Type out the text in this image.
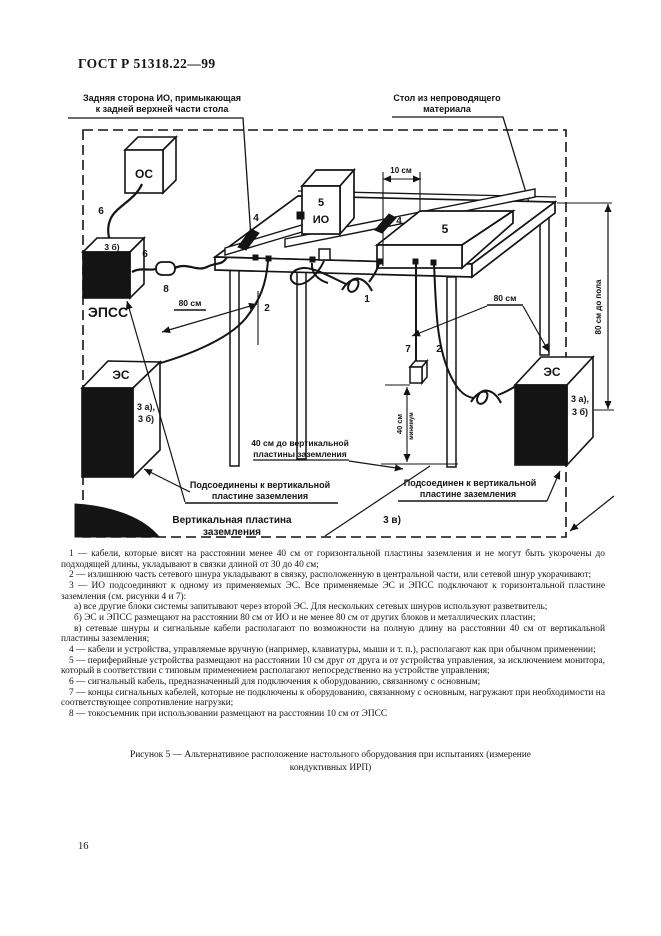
ГОСТ Р 51318.22—99
5
ИО
5
10 см
40 см минимум
80 см	80 см	80 см до пола
ОС
3 б)
ЭПСС
ЭС
3 а),
3 б)
ЭС
3 а),
3 б)
40 см до вертикальной
пластины заземления
Подсоединены к вертикальной
пластине заземления
Подсоединен к вертикальной
пластине заземления
Вертикальная пластина
заземления
Задняя сторона ИО, примыкающая
к задней верхней части стола
Стол из непроводящего
материала
6
6
8
4	4
1
2
2
7
3 в)

1 — кабели, которые висят на расстоянии менее 40 см от горизонтальной пластины заземления и не могут быть укорочены до подходящей длины, укладывают в связки длиной от 30 до 40 см;

2 — излишнюю часть сетевого шнура укладывают в связку, расположенную в центральной части, или сетевой шнур укорачивают;

3 — ИО подсоединяют к одному из применяемых ЭС. Все применяемые ЭС и ЭПСС подключают к горизонтальной пластине заземления (см. рисунки 4 и 7):

а) все другие блоки системы запитывают через второй ЭС. Для нескольких сетевых шнуров используют разветвитель;

б) ЭС и ЭПСС размещают на расстоянии 80 см от ИО и не менее 80 см от других блоков и металлических пластин;

в) сетевые шнуры и сигнальные кабели располагают по возможности на полную длину на расстоянии 40 см от вертикальной пластины заземления;

4 — кабели и устройства, управляемые вручную (например, клавиатуры, мыши и т. п.), располагают как при обычном применении;

5 — периферийные устройства размещают на расстоянии 10 см друг от друга и от устройства управления, за исключением монитора, который в соответствии с типовым применением располагают непосредственно на устройстве управления;

6 — сигнальный кабель, предназначенный для подключения к оборудованию, связанному с основным;

7 — концы сигнальных кабелей, которые не подключены к оборудованию, связанному с основным, нагружают при необходимости на соответствующее сопротивление нагрузки;

8 — токосъемник при использовании размещают на расстоянии 10 см от ЭПСС

Рисунок 5 — Альтернативное расположение настольного оборудования при испытаниях (измерение кондуктивных ИРП)
16
